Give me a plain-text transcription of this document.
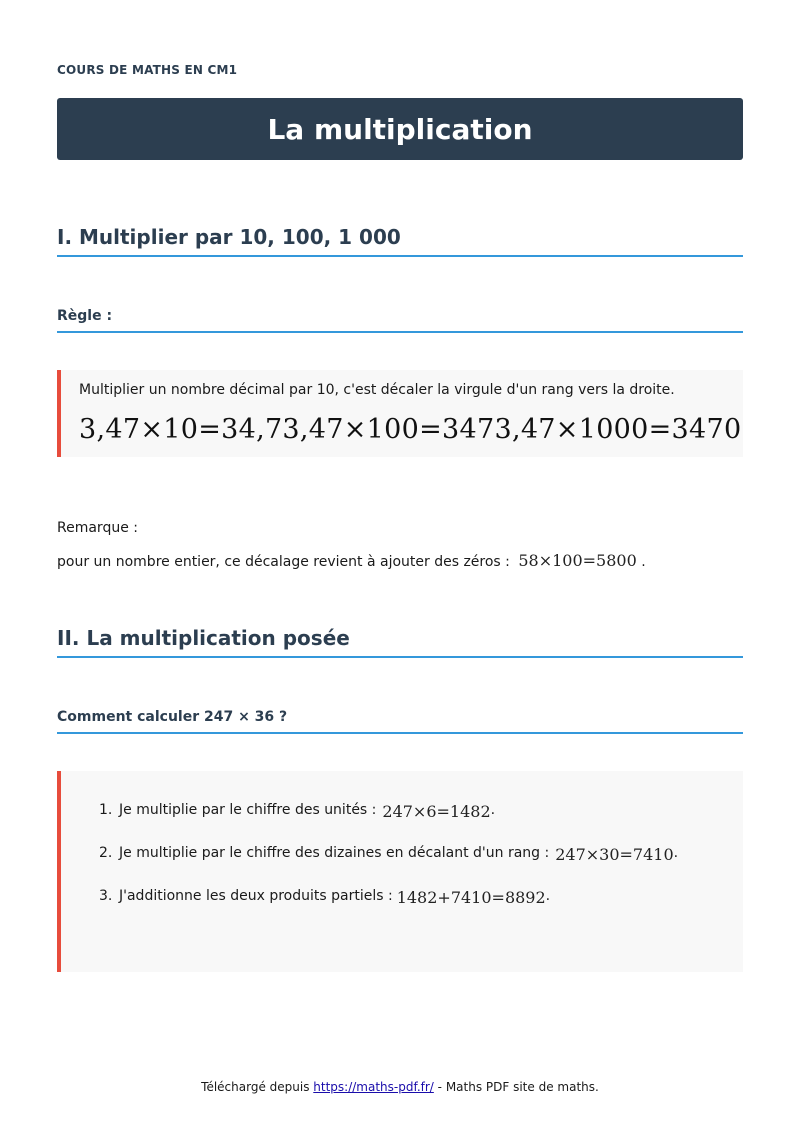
COURS DE MATHS EN CM1
La multiplication
I. Multiplier par 10, 100, 1 000
Règle :
Multiplier un nombre décimal par 10, c'est décaler la virgule d'un rang vers la droite.
3,47×10=34,73,47×100=3473,47×1000=3470
Remarque :
pour un nombre entier, ce décalage revient à ajouter des zéros : 58×100=5800 .
II. La multiplication posée
Comment calculer 247 × 36 ?
1. Je multiplie par le chiffre des unités : 247×6=1482 .
2. Je multiplie par le chiffre des dizaines en décalant d'un rang : 247×30=7410 .
3. J'additionne les deux produits partiels : 1482+7410=8892 .
Téléchargé depuis https://maths-pdf.fr/ - Maths PDF site de maths.
